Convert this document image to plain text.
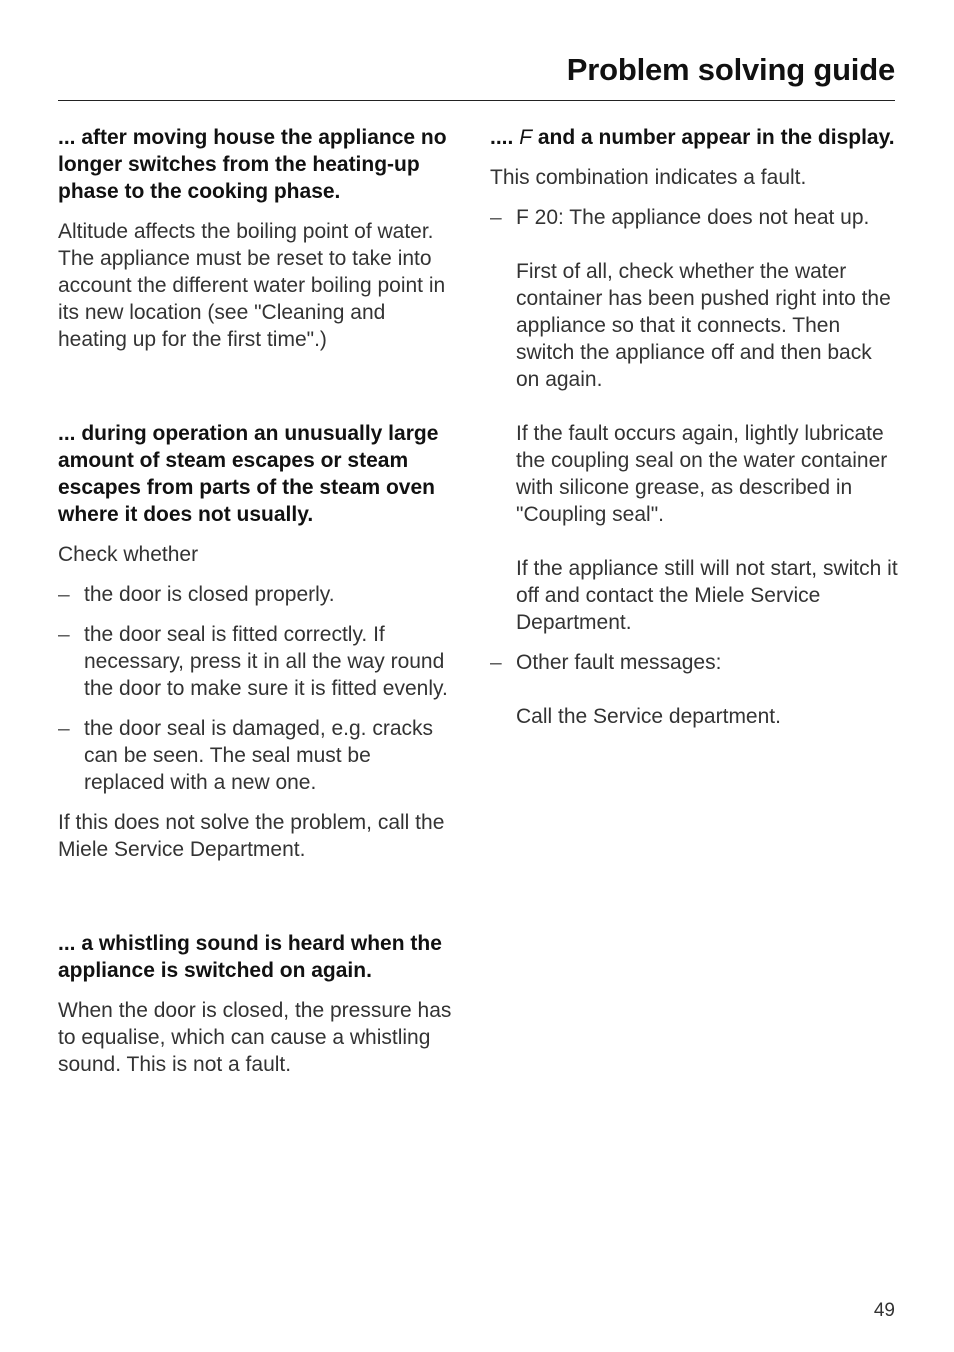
Problem solving guide

... after moving house the appliance no longer switches from the heating-up phase to the cooking phase.

Altitude affects the boiling point of water. The appliance must be reset to take into account the different water boiling point in its new location (see "Cleaning and heating up for the first time".)

... during operation an unusually large amount of steam escapes or steam escapes from parts of the steam oven where it does not usually.

Check whether

– the door is closed properly.
– the door seal is fitted correctly. If necessary, press it in all the way round the door to make sure it is fitted evenly.
– the door seal is damaged, e.g. cracks can be seen. The seal must be replaced with a new one.

If this does not solve the problem, call the Miele Service Department.

... a whistling sound is heard when the appliance is switched on again.

When the door is closed, the pressure has to equalise, which can cause a whistling sound. This is not a fault.

.... F and a number appear in the display.

This combination indicates a fault.

– F 20: The appliance does not heat up.

First of all, check whether the water container has been pushed right into the appliance so that it connects. Then switch the appliance off and then back on again.

If the fault occurs again, lightly lubricate the coupling seal on the water container with silicone grease, as described in "Coupling seal".

If the appliance still will not start, switch it off and contact the Miele Service Department.

– Other fault messages:

Call the Service department.

49
